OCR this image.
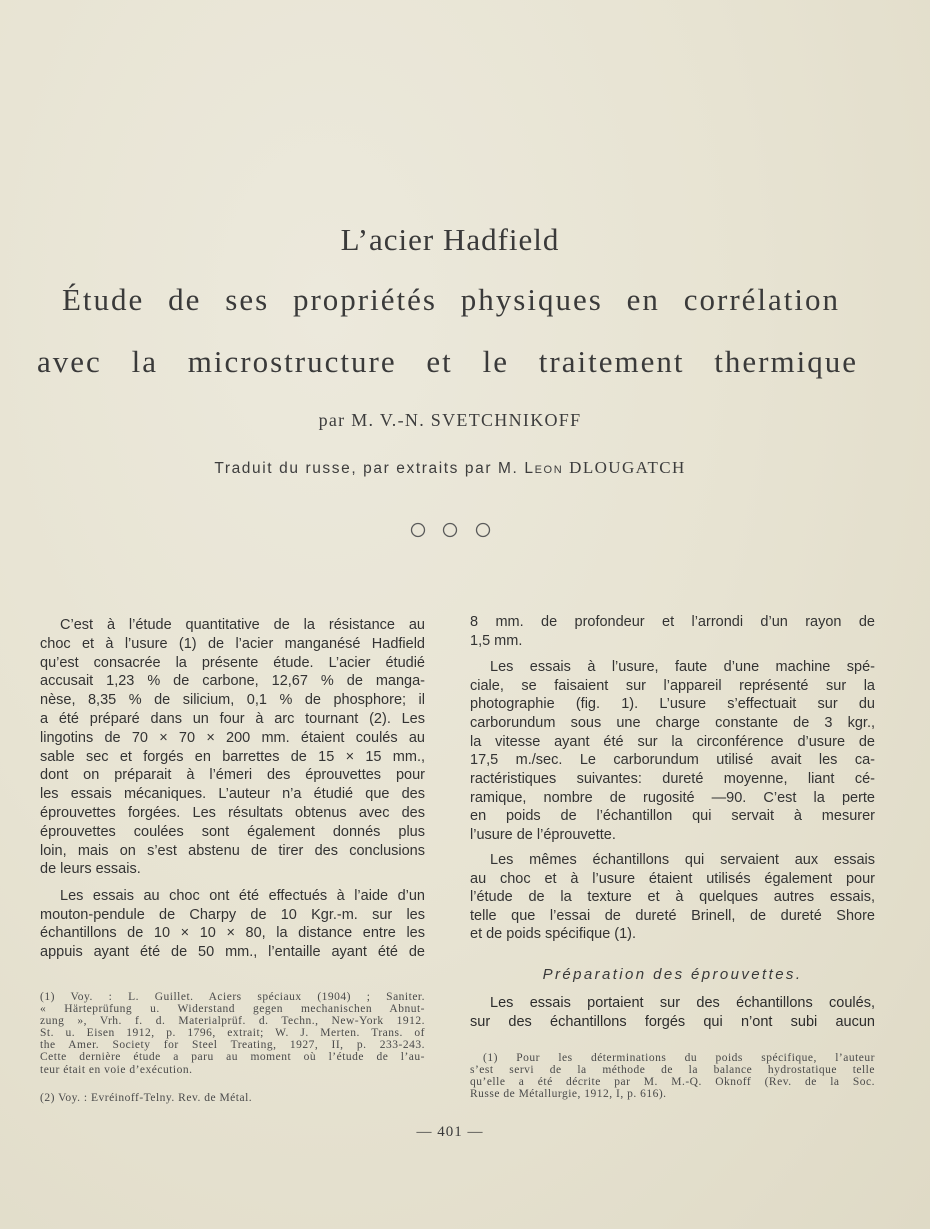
L’acier Hadfield
Étude de ses propriétés physiques en corrélation
avec la microstructure et le traitement thermique
par M. V.-N. SVETCHNIKOFF
Traduit du russe, par extraits par M. Leon DLOUGATCH
C’est à l’étude quantitative de la résistance au
choc et à l’usure (1) de l’acier manganésé Hadfield
qu’est consacrée la présente étude. L’acier étudié
accusait 1,23 % de carbone, 12,67 % de manga-
nèse, 8,35 % de silicium, 0,1 % de phosphore; il
a été préparé dans un four à arc tournant (2). Les
lingotins de 70 × 70 × 200 mm. étaient coulés au
sable sec et forgés en barrettes de 15 × 15 mm.,
dont on préparait à l’émeri des éprouvettes pour
les essais mécaniques. L’auteur n’a étudié que des
éprouvettes forgées. Les résultats obtenus avec des
éprouvettes coulées sont également donnés plus
loin, mais on s’est abstenu de tirer des conclusions
de leurs essais.
Les essais au choc ont été effectués à l’aide d’un
mouton-pendule de Charpy de 10 Kgr.-m. sur les
échantillons de 10 × 10 × 80, la distance entre les
appuis ayant été de 50 mm., l’entaille ayant été de
(1) Voy. : L. Guillet. Aciers spéciaux (1904) ; Saniter.
« Härteprüfung u. Widerstand gegen mechanischen Abnut-
zung », Vrh. f. d. Materialprüf. d. Techn., New-York 1912.
St. u. Eisen 1912, p. 1796, extrait; W. J. Merten. Trans. of
the Amer. Society for Steel Treating, 1927, II, p. 233-243.
Cette dernière étude a paru au moment où l’étude de l’au-
teur était en voie d’exécution.
(2) Voy. : Evréinoff-Telny. Rev. de Métal.
8 mm. de profondeur et l’arrondi d’un rayon de
1,5 mm.
Les essais à l’usure, faute d’une machine spé-
ciale, se faisaient sur l’appareil représenté sur la
photographie (fig. 1). L’usure s’effectuait sur du
carborundum sous une charge constante de 3 kgr.,
la vitesse ayant été sur la circonférence d’usure de
17,5 m./sec. Le carborundum utilisé avait les ca-
ractéristiques suivantes: dureté moyenne, liant cé-
ramique, nombre de rugosité —90. C’est la perte
en poids de l’échantillon qui servait à mesurer
l’usure de l’éprouvette.
Les mêmes échantillons qui servaient aux essais
au choc et à l’usure étaient utilisés également pour
l’étude de la texture et à quelques autres essais,
telle que l’essai de dureté Brinell, de dureté Shore
et de poids spécifique (1).
Préparation des éprouvettes.
Les essais portaient sur des échantillons coulés,
sur des échantillons forgés qui n’ont subi aucun
(1) Pour les déterminations du poids spécifique, l’auteur
s’est servi de la méthode de la balance hydrostatique telle
qu’elle a été décrite par M. M.-Q. Oknoff (Rev. de la Soc.
Russe de Métallurgie, 1912, I, p. 616).
— 401 —
